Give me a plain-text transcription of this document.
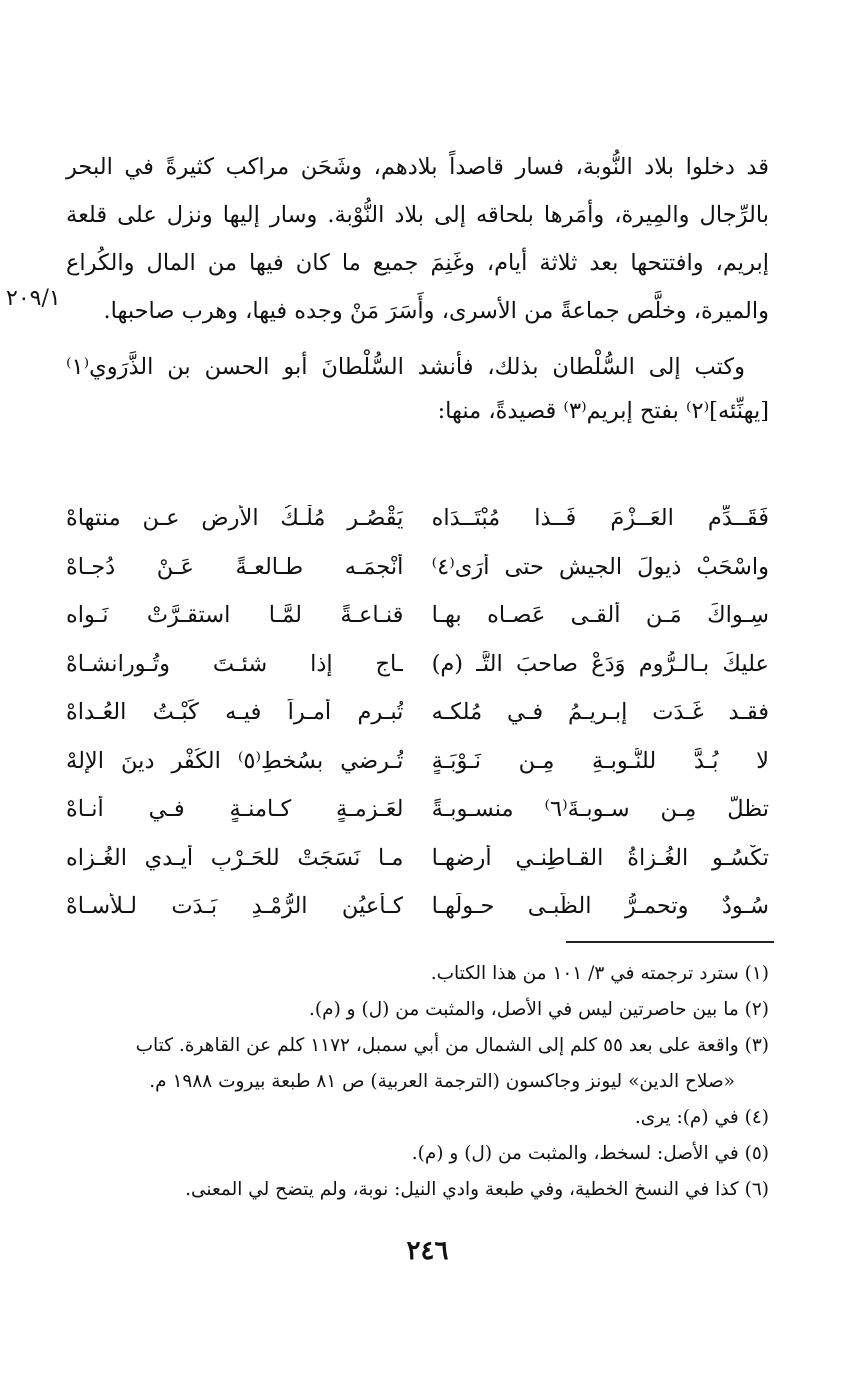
٢٠٩/١

قد دخلوا بلاد النُّوبة، فسار قاصداً بلادهم، وشَحَن مراكب كثيرةً في البحر بالرِّجال والمِيرة، وأمَرها بلحاقه إلى بلاد النُّوْبة. وسار إليها ونزل على قلعة إبريم، وافتتحها بعد ثلاثة أيام، وغَنِمَ جميع ما كان فيها من المال والكُراع والميرة، وخلَّص جماعةً من الأسرى، وأَسَرَ مَنْ وجده فيها، وهرب صاحبها.

وكتب إلى السُّلْطان بذلك، فأنشد السُّلْطانَ أبو الحسن بن الذَّرَوي⁽١⁾ [يهنِّئه]⁽٢⁾ بفتح إبريم⁽٣⁾ قصيدةً، منها:

فَقَــدِّمِ العَــزْمَ فَــذا مُبْتَــدَاه
يَقْصُـر مُلْـكُ الأرضِ عـن منتهاهْ
واسْحَبْ ذيولَ الجيشِ حتى أرَى⁽٤⁾
أنْجمَـه طـالعـةً عَـنْ دُجـاهْ
سِـواكَ مَـن ألقـى عَصـاه بهـا
قنـاعـةً لمَّـا استقـرَّتْ نَـواه
عليكَ بـالـرُّومِ وَدَعْ صاحبَ التَّـ (م)
ـاجِ إذا شئـتَ وتُـورانشـاهْ
فقـد غَـدَت إبـريـمُ فـي مُلكـه
تُبـرم أمـراً فيـه كَبْـتُ العُـداهْ
لا بُـدَّ للنُّـوبـةِ مِـن نَـوْبَـةٍ
تُـرضي بسُخطِ⁽٥⁾ الكُفْرِ دينَ الإلهْ
تظلُّ مِـن سـوبـةَ⁽٦⁾ منسـوبـةً
لعَـزمـةٍ كـامنـةٍ فـي أنـاهْ
تكْسُـو الغُـزاةُ القـاطِنـي أرضهـا
مـا نَسَجَتْ للحَـرْبِ أيـدي الغُـزاه
سُـودٌ وتحمـرُّ الظُّبـى حـولَهـا
كـأعيُنِ الرُّمْـدِ بَـدَت لـلأُسـاهْ
(١) سترد ترجمته في ٣/ ١٠١ من هذا الكتاب.
(٢) ما بين حاصرتين ليس في الأصل، والمثبت من (ل) و (م).
(٣) واقعة على بعد ٥٥ كلم إلى الشمال من أبي سمبل، ١١٧٢ كلم عن القاهرة. كتاب
«صلاح الدين» ليونز وجاكسون (الترجمة العربية) ص ٨١ طبعة بيروت ١٩٨٨ م.
(٤) في (م): يرى.
(٥) في الأصل: لسخط، والمثبت من (ل) و (م).
(٦) كذا في النسخ الخطية، وفي طبعة وادي النيل: نوبة، ولم يتضح لي المعنى.
٢٤٦
